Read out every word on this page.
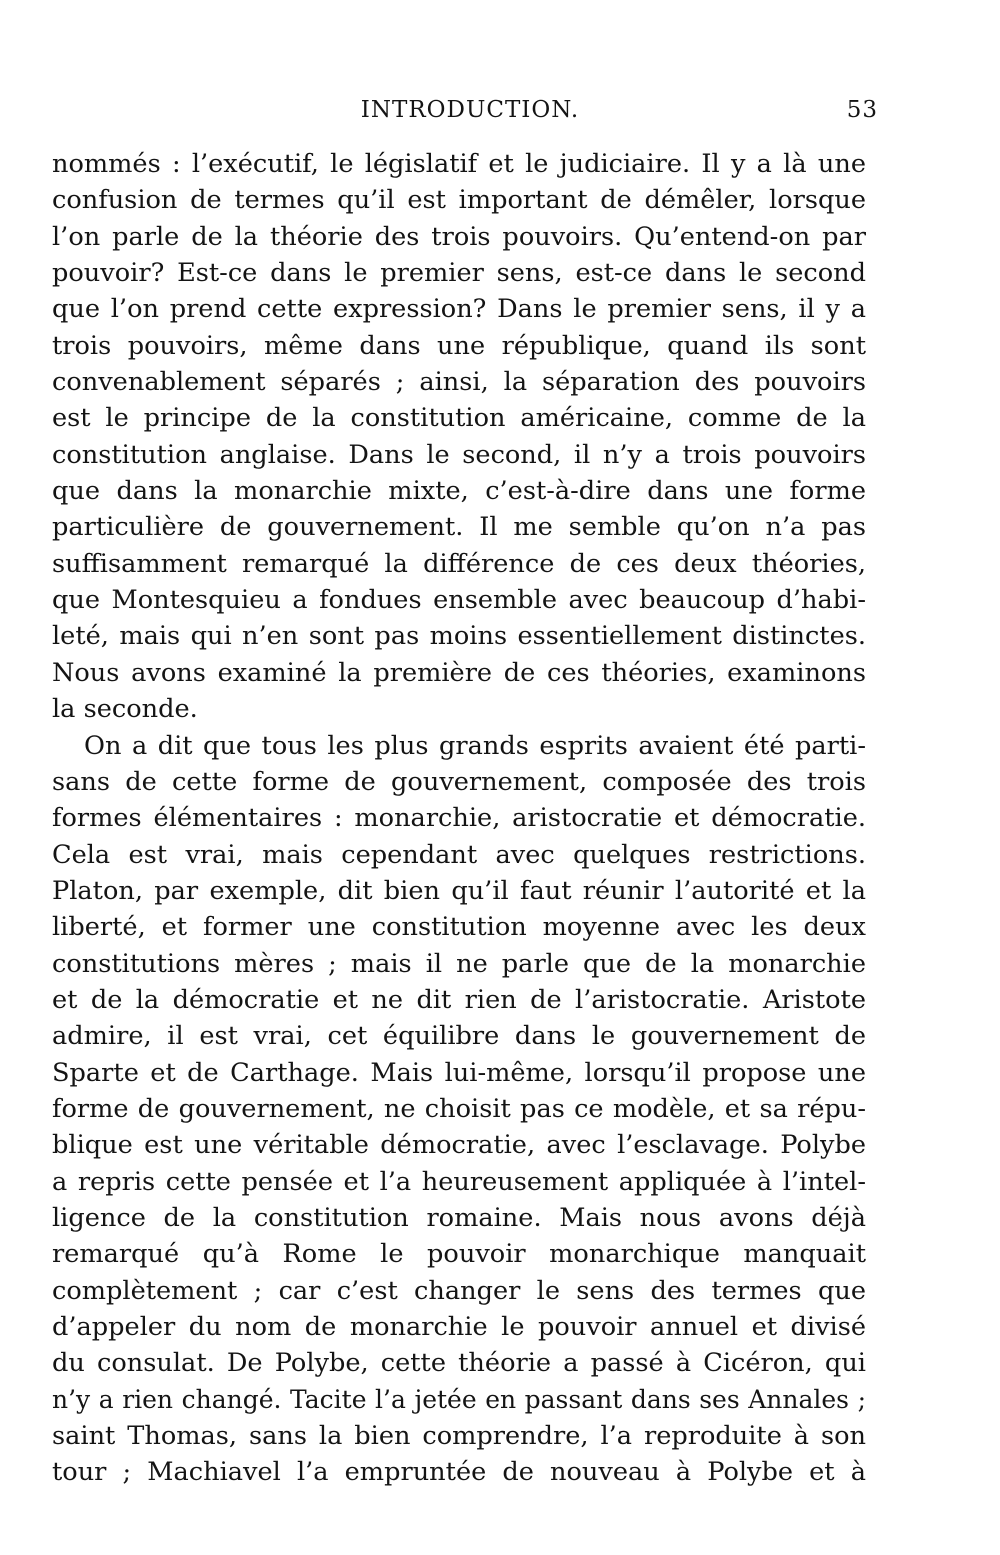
INTRODUCTION.	53
nommés : l’exécutif, le législatif et le judiciaire. Il y a là une
confusion de termes qu’il est important de démêler, lorsque
l’on parle de la théorie des trois pouvoirs. Qu’entend-on par
pouvoir? Est-ce dans le premier sens, est-ce dans le second
que l’on prend cette expression? Dans le premier sens, il y a
trois pouvoirs, même dans une république, quand ils sont
convenablement séparés ; ainsi, la séparation des pouvoirs
est le principe de la constitution américaine, comme de la
constitution anglaise. Dans le second, il n’y a trois pouvoirs
que dans la monarchie mixte, c’est-à-dire dans une forme
particulière de gouvernement. Il me semble qu’on n’a pas
suffisamment remarqué la différence de ces deux théories,
que Montesquieu a fondues ensemble avec beaucoup d’habi-
leté, mais qui n’en sont pas moins essentiellement distinctes.
Nous avons examiné la première de ces théories, examinons
la seconde.
On a dit que tous les plus grands esprits avaient été parti-
sans de cette forme de gouvernement, composée des trois
formes élémentaires : monarchie, aristocratie et démocratie.
Cela est vrai, mais cependant avec quelques restrictions.
Platon, par exemple, dit bien qu’il faut réunir l’autorité et la
liberté, et former une constitution moyenne avec les deux
constitutions mères ; mais il ne parle que de la monarchie
et de la démocratie et ne dit rien de l’aristocratie. Aristote
admire, il est vrai, cet équilibre dans le gouvernement de
Sparte et de Carthage. Mais lui-même, lorsqu’il propose une
forme de gouvernement, ne choisit pas ce modèle, et sa répu-
blique est une véritable démocratie, avec l’esclavage. Polybe
a repris cette pensée et l’a heureusement appliquée à l’intel-
ligence de la constitution romaine. Mais nous avons déjà
remarqué qu’à Rome le pouvoir monarchique manquait
complètement ; car c’est changer le sens des termes que
d’appeler du nom de monarchie le pouvoir annuel et divisé
du consulat. De Polybe, cette théorie a passé à Cicéron, qui
n’y a rien changé. Tacite l’a jetée en passant dans ses Annales ;
saint Thomas, sans la bien comprendre, l’a reproduite à son
tour ; Machiavel l’a empruntée de nouveau à Polybe et à
